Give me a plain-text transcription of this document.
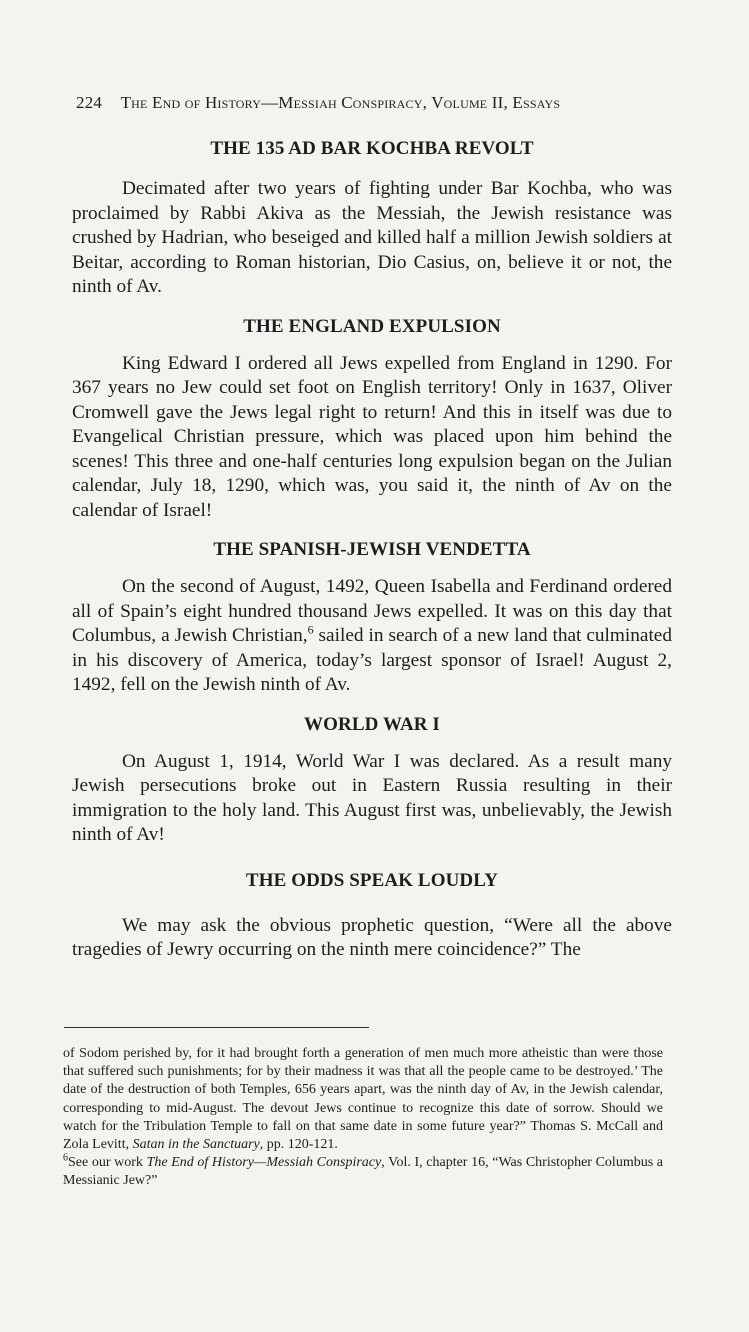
224 The End of History—Messiah Conspiracy, Volume II, Essays
THE 135 AD BAR KOCHBA REVOLT

Decimated after two years of fighting under Bar Kochba, who was proclaimed by Rabbi Akiva as the Messiah, the Jewish resistance was crushed by Hadrian, who beseiged and killed half a million Jewish soldiers at Beitar, according to Roman historian, Dio Casius, on, believe it or not, the ninth of Av.

THE ENGLAND EXPULSION

King Edward I ordered all Jews expelled from England in 1290. For 367 years no Jew could set foot on English territory! Only in 1637, Oliver Cromwell gave the Jews legal right to return! And this in itself was due to Evangelical Christian pressure, which was placed upon him behind the scenes! This three and one-half centuries long expulsion began on the Julian calendar, July 18, 1290, which was, you said it, the ninth of Av on the calendar of Israel!

THE SPANISH-JEWISH VENDETTA

On the second of August, 1492, Queen Isabella and Ferdinand ordered all of Spain’s eight hundred thousand Jews expelled. It was on this day that Columbus, a Jewish Christian,$^6$ sailed in search of a new land that culminated in his discovery of America, today’s largest sponsor of Israel! August 2, 1492, fell on the Jewish ninth of Av.

WORLD WAR I

On August 1, 1914, World War I was declared. As a result many Jewish persecutions broke out in Eastern Russia resulting in their immigration to the holy land. This August first was, unbelievably, the Jewish ninth of Av!

THE ODDS SPEAK LOUDLY

We may ask the obvious prophetic question, “Were all the above tragedies of Jewry occurring on the ninth mere coincidence?” The

of Sodom perished by, for it had brought forth a generation of men much more atheistic than were those that suffered such punishments; for by their madness it was that all the people came to be destroyed.’ The date of the destruction of both Temples, 656 years apart, was the ninth day of Av, in the Jewish calendar, corresponding to mid-August. The devout Jews continue to recognize this date of sorrow. Should we watch for the Tribulation Temple to fall on that same date in some future year?” Thomas S. McCall and Zola Levitt, Satan in the Sanctuary, pp. 120-121.

$^6$See our work The End of History—Messiah Conspiracy, Vol. I, chapter 16, “Was Christopher Columbus a Messianic Jew?”
